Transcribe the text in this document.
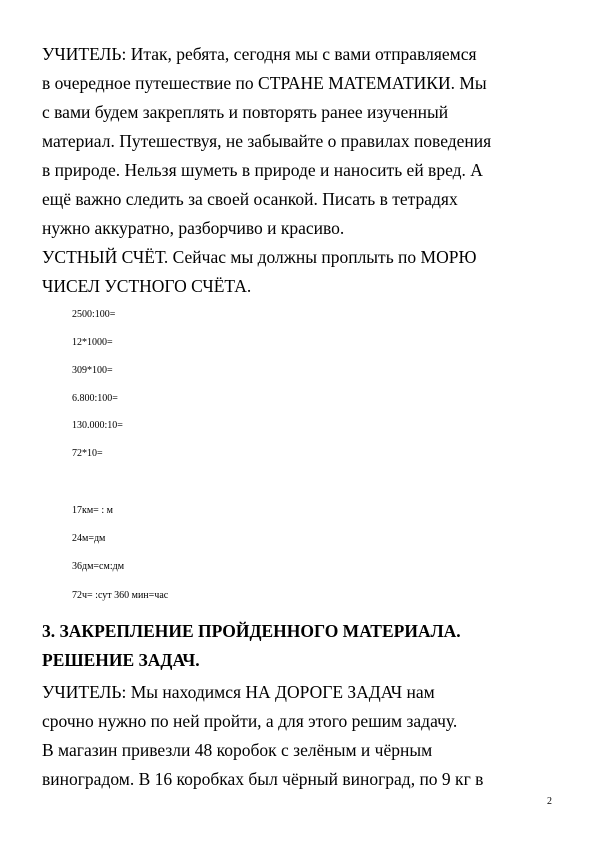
УЧИТЕЛЬ: Итак, ребята, сегодня мы с вами отправляемся
в очередное путешествие по СТРАНЕ МАТЕМАТИКИ. Мы
с вами будем закреплять и повторять ранее изученный
материал. Путешествуя, не забывайте о правилах поведения
в природе. Нельзя шуметь в природе и наносить ей вред. А
ещё важно следить за своей осанкой. Писать в тетрадях
нужно аккуратно, разборчиво и красиво.
УСТНЫЙ СЧЁТ. Сейчас мы должны проплыть по МОРЮ
ЧИСЕЛ УСТНОГО СЧЁТА.
2500:100=
12*1000=
309*100=
6.800:100=
130.000:10=
72*10=
17км= : м
24м=дм
36дм=см:дм
72ч= :сут 360 мин=час
3. ЗАКРЕПЛЕНИЕ ПРОЙДЕННОГО МАТЕРИАЛА.
РЕШЕНИЕ ЗАДАЧ.
УЧИТЕЛЬ: Мы находимся НА ДОРОГЕ ЗАДАЧ нам
срочно нужно по ней пройти, а для этого решим задачу.
В магазин привезли 48 коробок с зелёным и чёрным
виноградом. В 16 коробках был чёрный виноград, по 9 кг в
2
